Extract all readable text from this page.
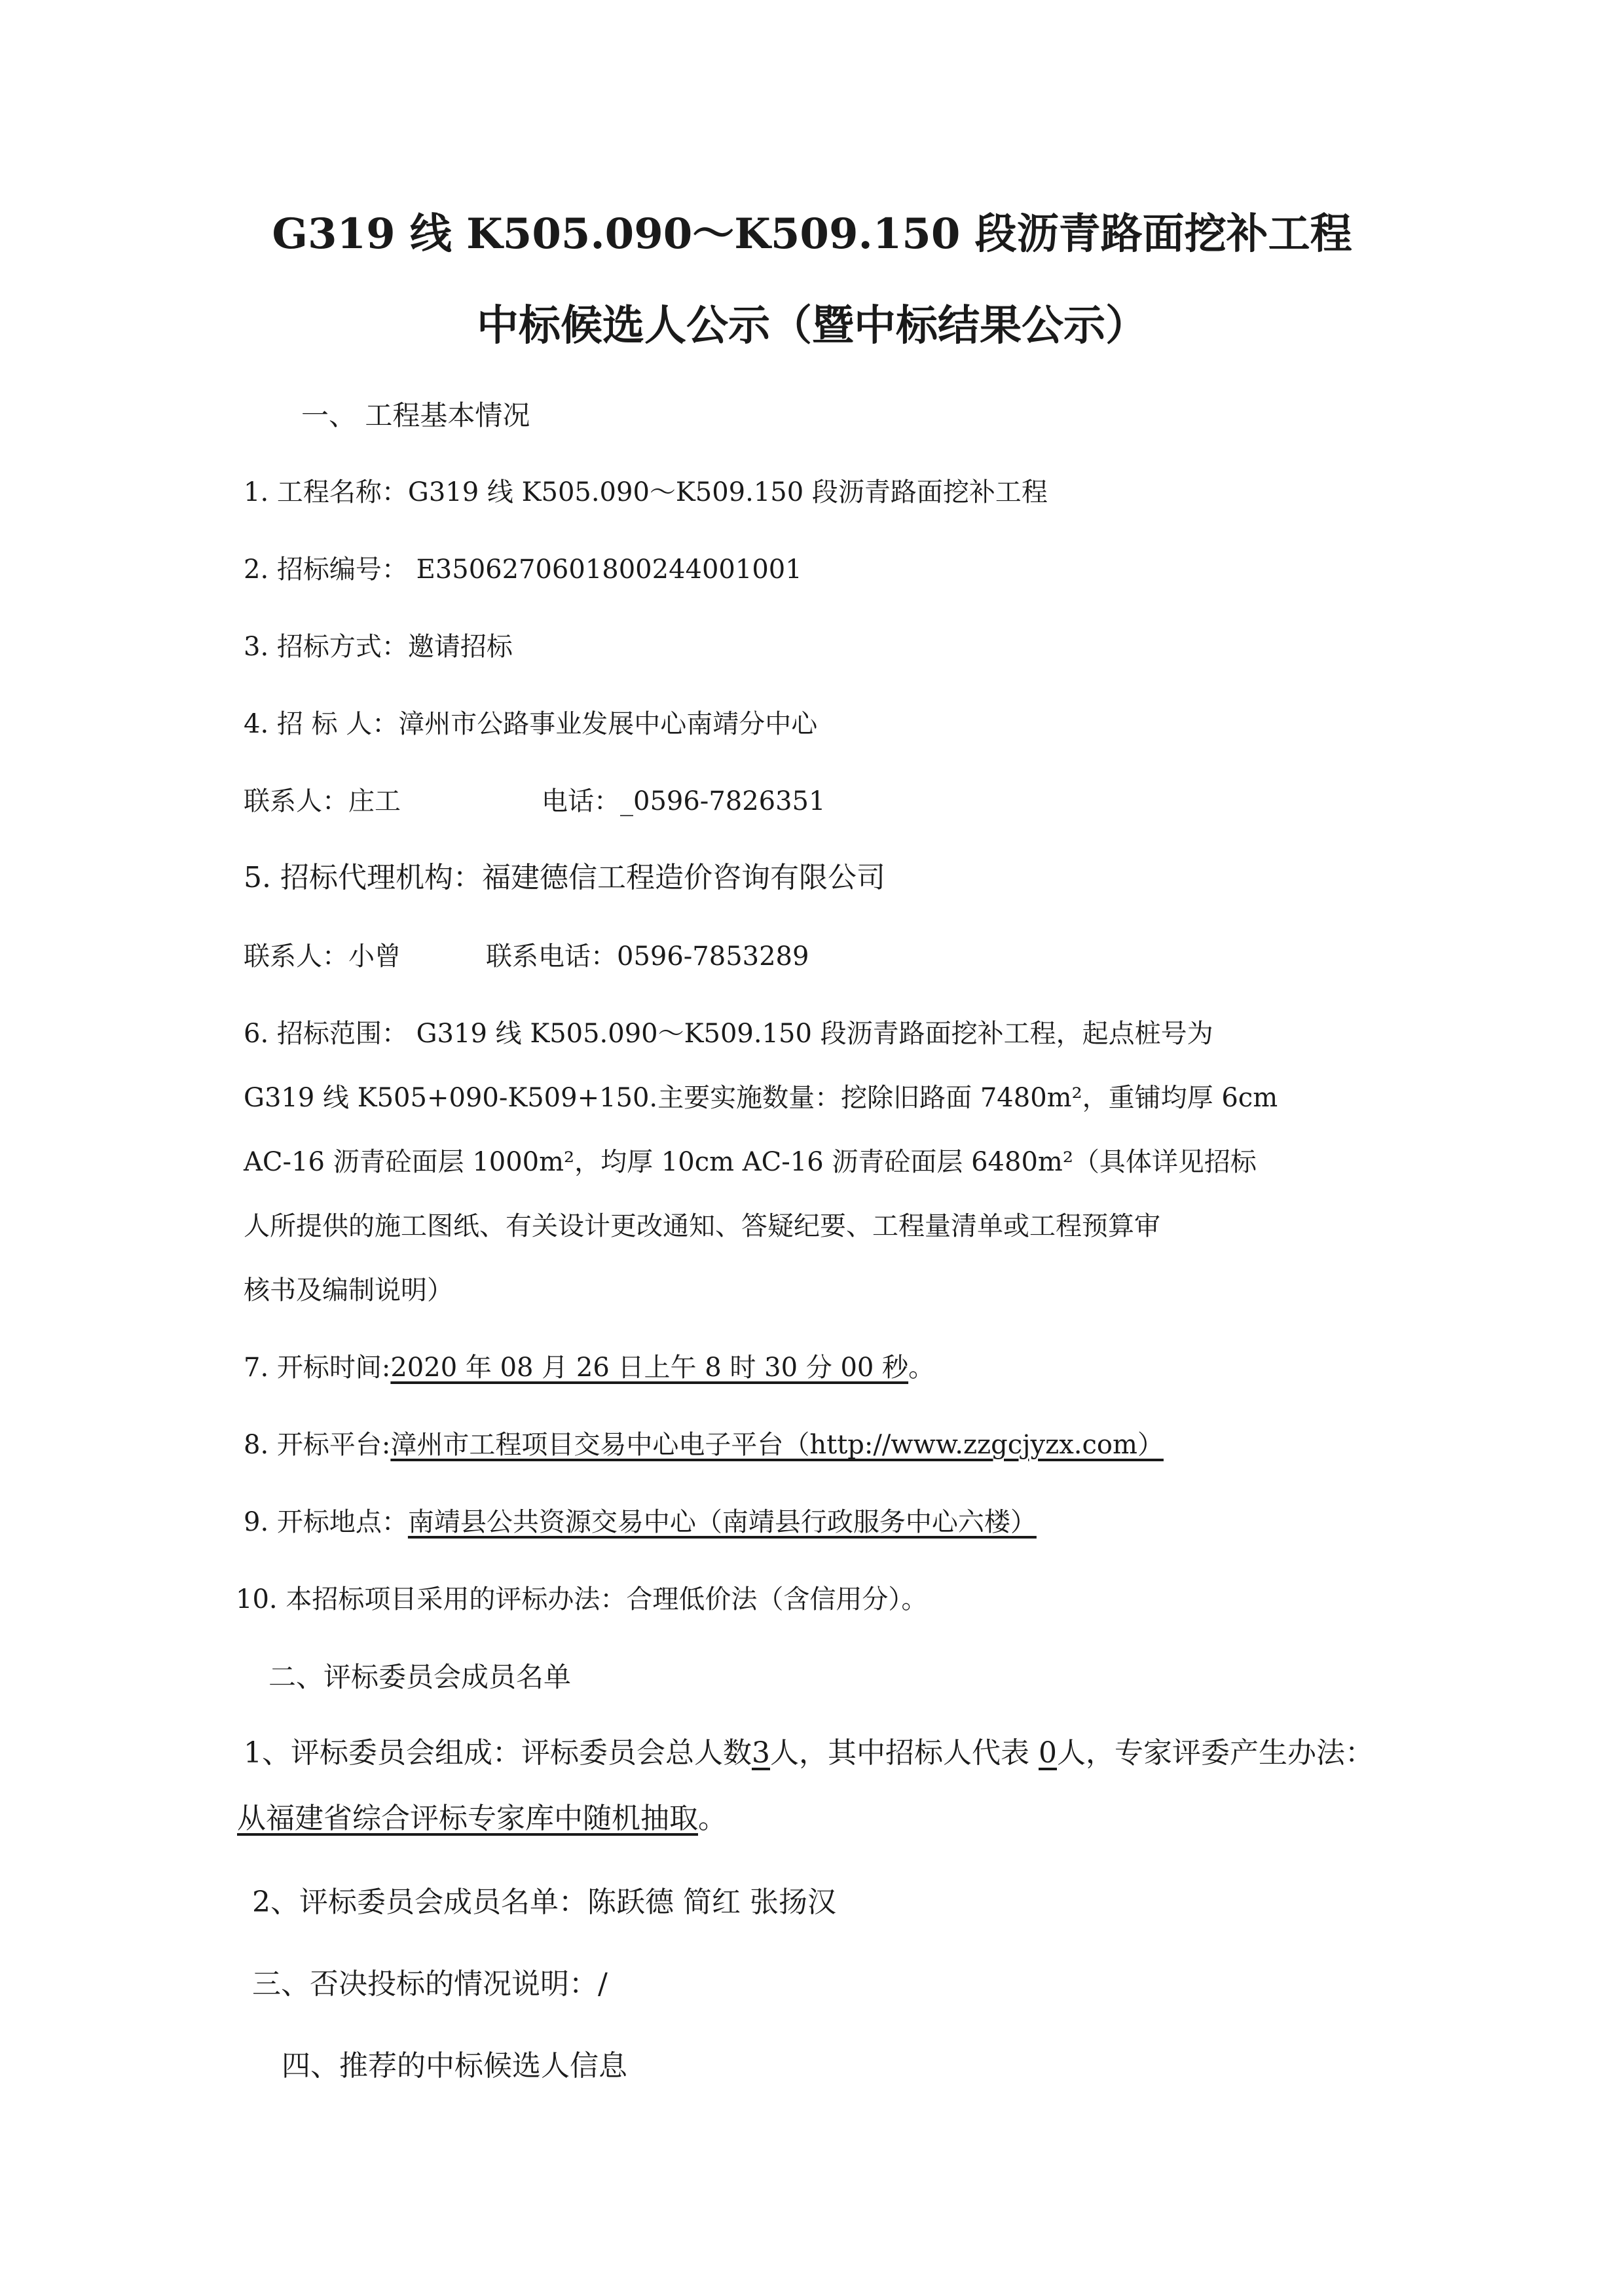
G319 线 K505.090～K509.150 段沥青路面挖补工程
中标候选人公示（暨中标结果公示）
一、 工程基本情况
1. 工程名称：G319 线 K505.090～K509.150 段沥青路面挖补工程
2. 招标编号： E3506270601800244001001
3. 招标方式：邀请招标
4. 招 标 人：漳州市公路事业发展中心南靖分中心
联系人：庄工	电话：_0596-7826351
5. 招标代理机构：福建德信工程造价咨询有限公司
联系人：小曾	联系电话：0596-7853289
6. 招标范围： G319 线 K505.090～K509.150 段沥青路面挖补工程，起点桩号为
G319 线 K505+090-K509+150.主要实施数量：挖除旧路面 7480m²，重铺均厚 6cm
AC-16 沥青砼面层 1000m²，均厚 10cm AC-16 沥青砼面层 6480m²（具体详见招标
人所提供的施工图纸、有关设计更改通知、答疑纪要、工程量清单或工程预算审
核书及编制说明）
7. 开标时间:2020 年 08 月 26 日上午 8 时 30 分 00 秒。
8. 开标平台:漳州市工程项目交易中心电子平台（http://www.zzgcjyzx.com）
9. 开标地点：南靖县公共资源交易中心（南靖县行政服务中心六楼）
10. 本招标项目采用的评标办法：合理低价法（含信用分）。
二、评标委员会成员名单
1、评标委员会组成：评标委员会总人数3人，其中招标人代表 0人，专家评委产生办法：
从福建省综合评标专家库中随机抽取。
2、评标委员会成员名单：陈跃德 简红 张扬汉
三、否决投标的情况说明：/
四、推荐的中标候选人信息
